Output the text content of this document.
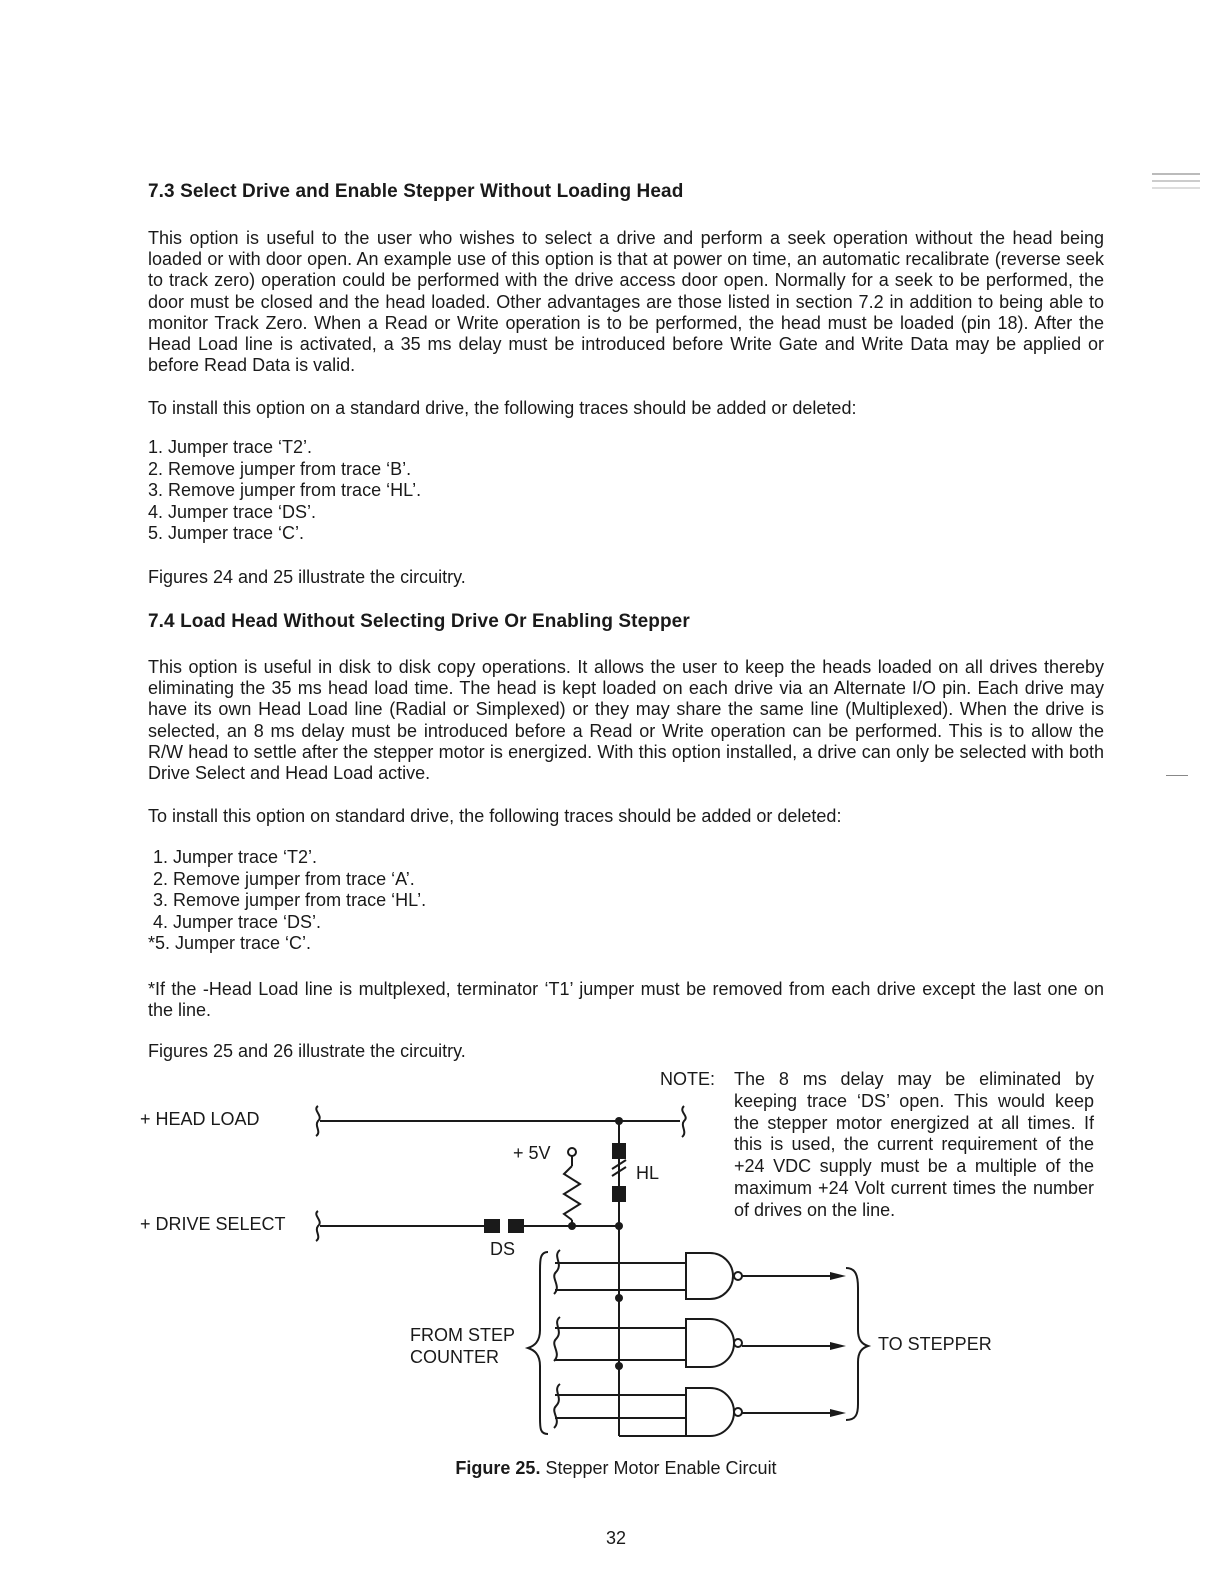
7.3 Select Drive and Enable Stepper Without Loading Head

This option is useful to the user who wishes to select a drive and perform a seek operation without the head being loaded or with door open. An example use of this option is that at power on time, an automatic recalibrate (reverse seek to track zero) operation could be performed with the drive access door open. Normally for a seek to be performed, the door must be closed and the head loaded. Other advantages are those listed in section 7.2 in addition to being able to monitor Track Zero. When a Read or Write operation is to be performed, the head must be loaded (pin 18). After the Head Load line is activated, a 35 ms delay must be introduced before Write Gate and Write Data may be applied or before Read Data is valid.

To install this option on a standard drive, the following traces should be added or deleted:

1. Jumper trace ‘T2’.
2. Remove jumper from trace ‘B’.
3. Remove jumper from trace ‘HL’.
4. Jumper trace ‘DS’.
5. Jumper trace ‘C’.

Figures 24 and 25 illustrate the circuitry.

7.4 Load Head Without Selecting Drive Or Enabling Stepper

This option is useful in disk to disk copy operations. It allows the user to keep the heads loaded on all drives thereby eliminating the 35 ms head load time. The head is kept loaded on each drive via an Alternate I/O pin. Each drive may have its own Head Load line (Radial or Simplexed) or they may share the same line (Multiplexed). When the drive is selected, an 8 ms delay must be introduced before a Read or Write operation can be performed. This is to allow the R/W head to settle after the stepper motor is energized. With this option installed, a drive can only be selected with both Drive Select and Head Load active.

To install this option on standard drive, the following traces should be added or deleted:

1. Jumper trace ‘T2’.
2. Remove jumper from trace ‘A’.
3. Remove jumper from trace ‘HL’.
4. Jumper trace ‘DS’.
*5. Jumper trace ‘C’.

*If the -Head Load line is multplexed, terminator ‘T1’ jumper must be removed from each drive except the last one on the line.

Figures 25 and 26 illustrate the circuitry.

NOTE: The 8 ms delay may be eliminated by keeping trace ‘DS’ open. This would keep the stepper motor energized at all times. If this is used, the current requirement of the +24 VDC supply must be a multiple of the maximum +24 Volt current times the number of drives on the line.
+ HEAD LOAD
+ DRIVE SELECT
+ 5V
HL
DS
FROM STEP
COUNTER
TO STEPPER
Figure 25. Stepper Motor Enable Circuit
32
